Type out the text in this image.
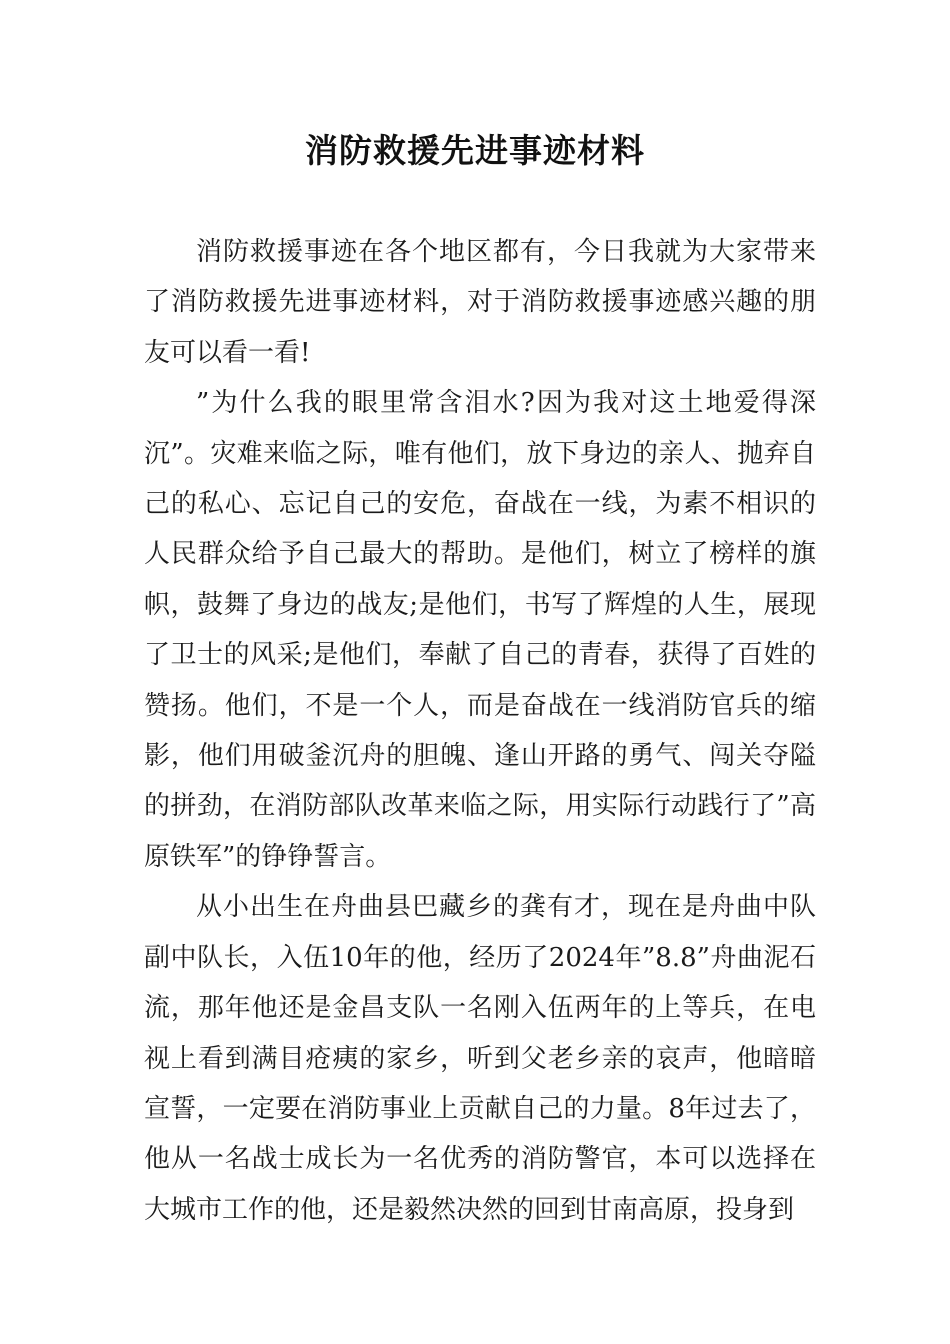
消防救援先进事迹材料

消防救援事迹在各个地区都有，今日我就为大家带来了消防救援先进事迹材料，对于消防救援事迹感兴趣的朋友可以看一看!

”为什么我的眼里常含泪水?因为我对这土地爱得深沉”。灾难来临之际，唯有他们，放下身边的亲人、抛弃自己的私心、忘记自己的安危，奋战在一线，为素不相识的人民群众给予自己最大的帮助。是他们，树立了榜样的旗帜，鼓舞了身边的战友;是他们，书写了辉煌的人生，展现了卫士的风采;是他们，奉献了自己的青春，获得了百姓的赞扬。他们，不是一个人，而是奋战在一线消防官兵的缩影，他们用破釜沉舟的胆魄、逢山开路的勇气、闯关夺隘的拼劲，在消防部队改革来临之际，用实际行动践行了”高原铁军”的铮铮誓言。

从小出生在舟曲县巴藏乡的龚有才，现在是舟曲中队副中队长，入伍10年的他，经历了2024年”8.8”舟曲泥石流，那年他还是金昌支队一名刚入伍两年的上等兵，在电视上看到满目疮痍的家乡，听到父老乡亲的哀声，他暗暗宣誓，一定要在消防事业上贡献自己的力量。8年过去了，他从一名战士成长为一名优秀的消防警官，本可以选择在大城市工作的他，还是毅然决然的回到甘南高原，投身到
